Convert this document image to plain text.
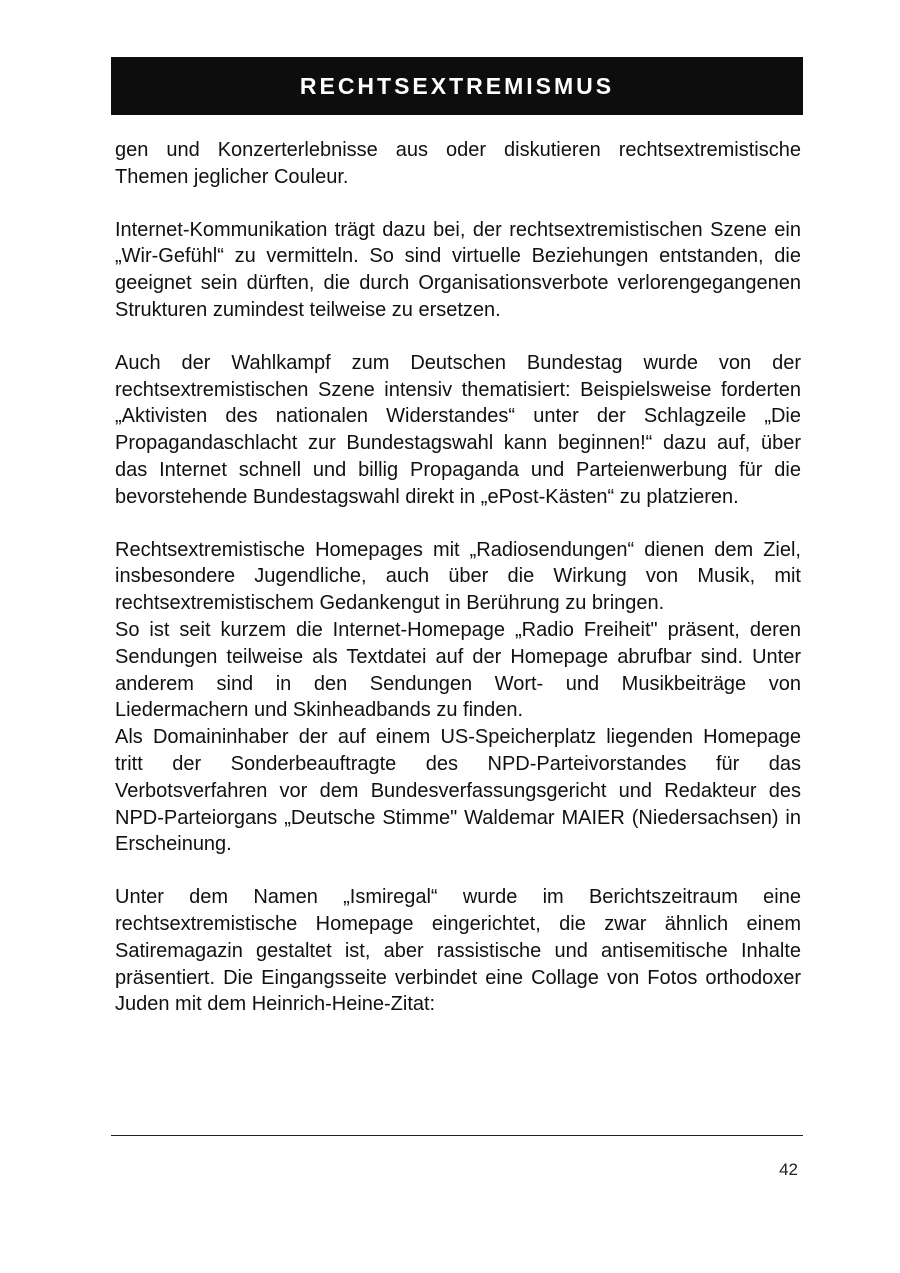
RECHTSEXTREMISMUS

gen und Konzerterlebnisse aus oder diskutieren rechtsextremistische Themen jeglicher Couleur.

Internet-Kommunikation trägt dazu bei, der rechtsextremistischen Szene ein „Wir-Gefühl“ zu vermitteln. So sind virtuelle Beziehungen entstanden, die geeignet sein dürften, die durch Organisationsverbote verlorengegangenen Strukturen zumindest teilweise zu ersetzen.

Auch der Wahlkampf zum Deutschen Bundestag wurde von der rechtsextremistischen Szene intensiv thematisiert: Beispielsweise forderten „Aktivisten des nationalen Widerstandes“ unter der Schlagzeile „Die Propagandaschlacht zur Bundestagswahl kann beginnen!“ dazu auf, über das Internet schnell und billig Propaganda und Parteienwerbung für die bevorstehende Bundestagswahl direkt in „ePost-Kästen“ zu platzieren.

Rechtsextremistische Homepages mit „Radiosendungen“ dienen dem Ziel, insbesondere Jugendliche, auch über die Wirkung von Musik, mit rechtsextremistischem Gedankengut in Berührung zu bringen.

So ist seit kurzem die Internet-Homepage „Radio Freiheit" präsent, deren Sendungen teilweise als Textdatei auf der Homepage abrufbar sind. Unter anderem sind in den Sendungen Wort- und Musikbeiträge von Liedermachern und Skinheadbands zu finden.

Als Domaininhaber der auf einem US-Speicherplatz liegenden Homepage tritt der Sonderbeauftragte des NPD-Parteivorstandes für das Verbotsverfahren vor dem Bundesverfassungsgericht und Redakteur des NPD-Parteiorgans „Deutsche Stimme" Waldemar MAIER (Niedersachsen) in Erscheinung.

Unter dem Namen „Ismiregal“ wurde im Berichtszeitraum eine rechtsextremistische Homepage eingerichtet, die zwar ähnlich einem Satiremagazin gestaltet ist, aber rassistische und antisemitische Inhalte präsentiert. Die Eingangsseite verbindet eine Collage von Fotos orthodoxer Juden mit dem Heinrich-Heine-Zitat:

42
